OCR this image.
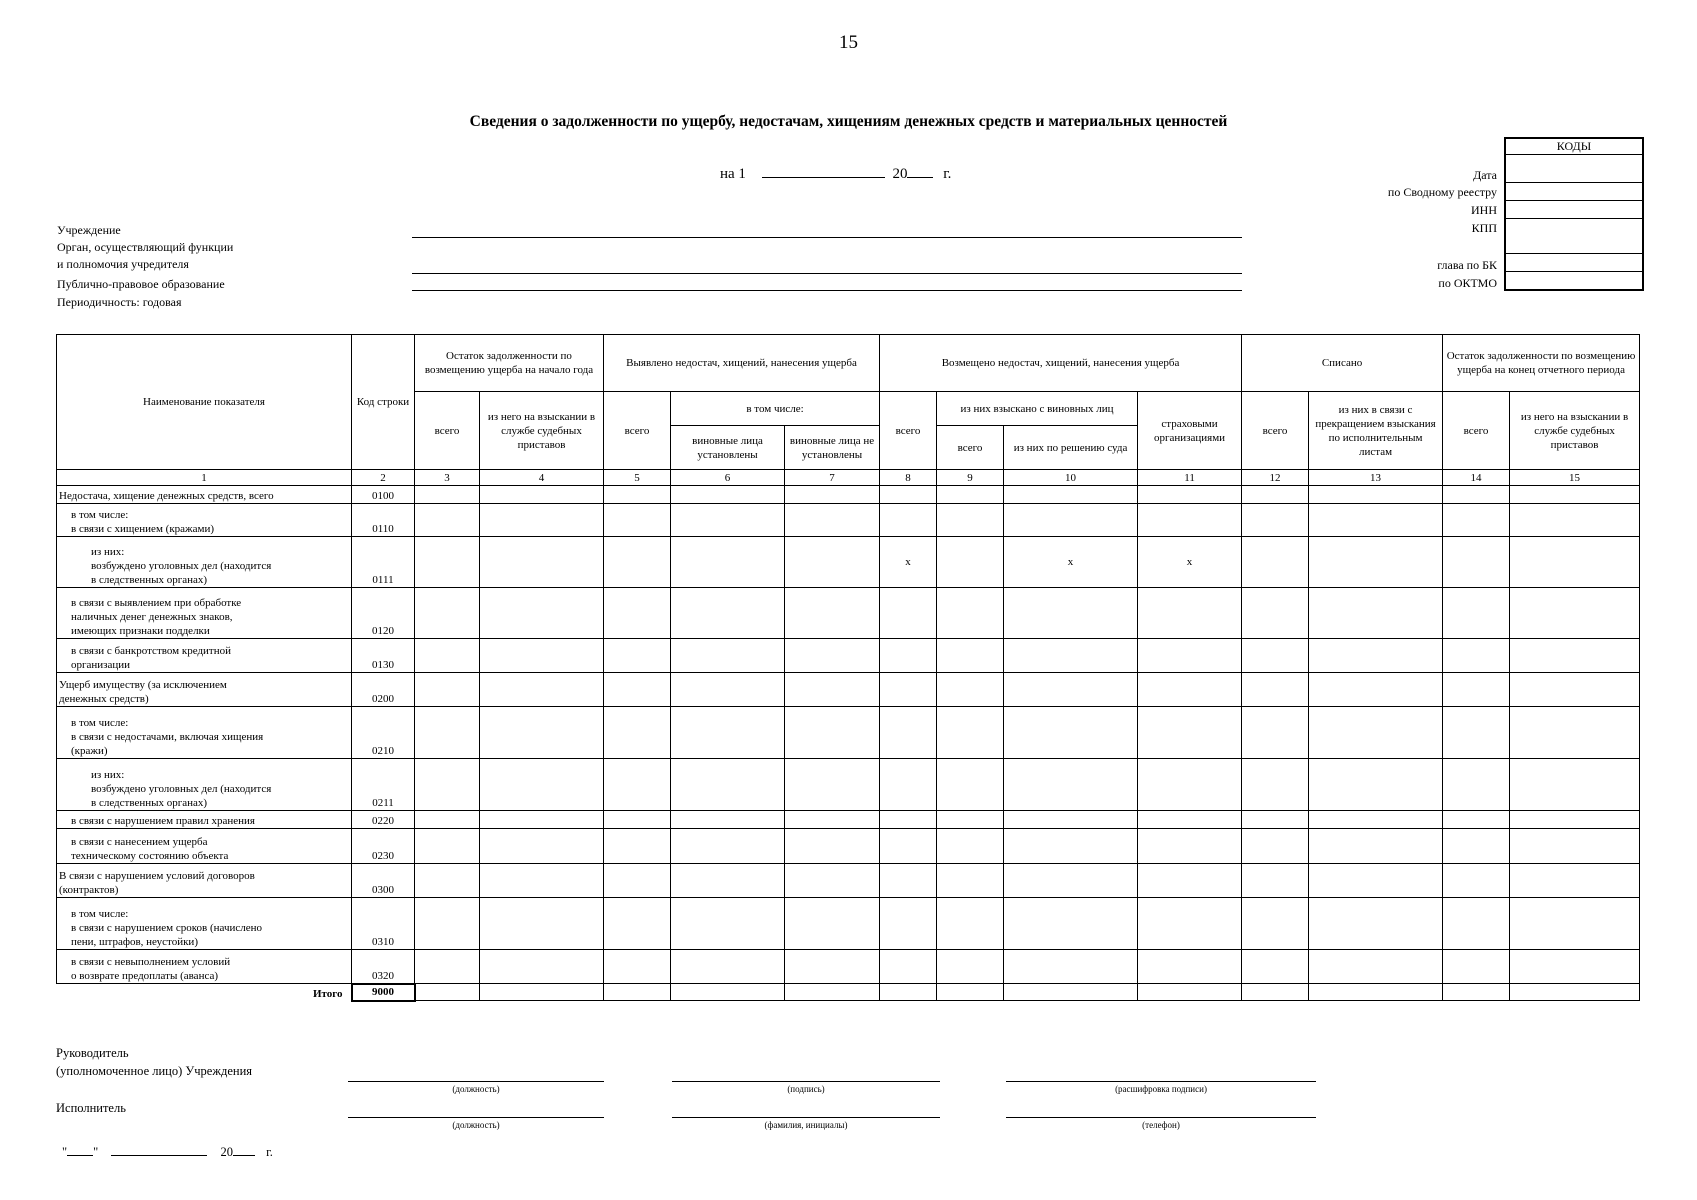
15
Сведения о задолженности по ущербу, недостачам, хищениям денежных средств и материальных ценностей
на 1	20 г.
Учреждение
Орган, осуществляющий функции
и полномочия учредителя
Публично-правовое образование
Периодичность: годовая
Дата
по Сводному реестру
ИНН
КПП
глава по БК
по ОКТМО
КОДЫ
Наименование показателя	Код строки	Остаток задолженности по возмещению ущерба на начало года		Выявлено недостач, хищений, нанесения ущерба			Возмещено недостач, хищений, нанесения ущерба				Списано		Остаток задолженности по возмещению ущерба на конец отчетного периода	
		всего	из него на взыскании в службе судебных приставов	всего	в том числе:		всего	из них взыскано с виновных лиц		страховыми организациями	всего	из них в связи с прекращением взыскания по исполнительным листам	всего	из него на взыскании в службе судебных приставов
					виновные лица установлены	виновные лица не установлены		всего	из них по решению суда					
1	2	3	4	5	6	7	8	9	10	11	12	13	14	15
Недостача, хищение денежных средств, всего	0100													
в том числе:
в связи с хищением (кражами)	0110													
из них:
возбуждено уголовных дел (находится
в следственных органах)	0111						x		x	x				
в связи с выявлением при обработке
наличных денег денежных знаков,
имеющих признаки подделки	0120													
в связи с банкротством кредитной
организации	0130													
Ущерб имуществу (за исключением
денежных средств)	0200													
в том числе:
в связи с недостачами, включая хищения
(кражи)	0210													
из них:
возбуждено уголовных дел (находится
в следственных органах)	0211													
в связи с нарушением правил хранения	0220													
в связи с нанесением ущерба
техническому состоянию объекта	0230													
В связи с нарушением условий договоров
(контрактов)	0300													
в том числе:
в связи с нарушением сроков (начислено
пени, штрафов, неустойки)	0310													
в связи с невыполнением условий
о возврате предоплаты (аванса)	0320													
Итого	9000													
Руководитель
(уполномоченное лицо) Учреждения
(должность)	(подпись)	(расшифровка подписи)
Исполнитель
(должность)	(фамилия, инициалы)	(телефон)
" "	20	г.
